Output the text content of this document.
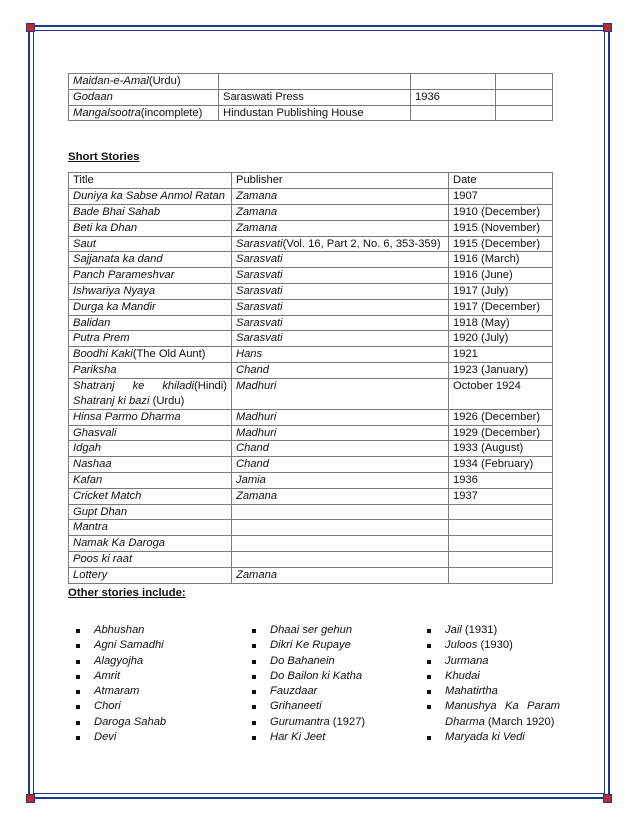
Maidan-e-Amal(Urdu)			
Godaan	Saraswati Press	1936	
Mangalsootra(incomplete)	Hindustan Publishing House		

Short Stories

Title	Publisher	Date
Duniya ka Sabse Anmol Ratan	Zamana	1907
Bade Bhai Sahab	Zamana	1910 (December)
Beti ka Dhan	Zamana	1915 (November)
Saut	Sarasvati(Vol. 16, Part 2, No. 6, 353-359)	1915 (December)
Sajjanata ka dand	Sarasvati	1916 (March)
Panch Parameshvar	Sarasvati	1916 (June)
Ishwariya Nyaya	Sarasvati	1917 (July)
Durga ka Mandir	Sarasvati	1917 (December)
Balidan	Sarasvati	1918 (May)
Putra Prem	Sarasvati	1920 (July)
Boodhi Kaki(The Old Aunt)	Hans	1921
Pariksha	Chand	1923 (January)

Shatranj ke khiladi(Hindi)
Shatranj ki bazi (Urdu)	Madhuri	October 1924
Hinsa Parmo Dharma	Madhuri	1926 (December)
Ghasvali	Madhuri	1929 (December)
Idgah	Chand	1933 (August)
Nashaa	Chand	1934 (February)
Kafan	Jamia	1936
Cricket Match	Zamana	1937
Gupt Dhan		
Mantra		
Namak Ka Daroga		
Poos ki raat		
Lottery	Zamana	

Other stories include:

Abhushan
Agni Samadhi
Alagyojha
Amrit
Atmaram
Chori
Daroga Sahab
Devi
Dhaai ser gehun
Dikri Ke Rupaye
Do Bahanein
Do Bailon ki Katha
Fauzdaar
Grihaneeti
Gurumantra (1927)
Har Ki Jeet
Jail (1931)
Juloos (1930)
Jurmana
Khudai
Mahatirtha
Manushya Ka Param
Dharma (March 1920)
Maryada ki Vedi
